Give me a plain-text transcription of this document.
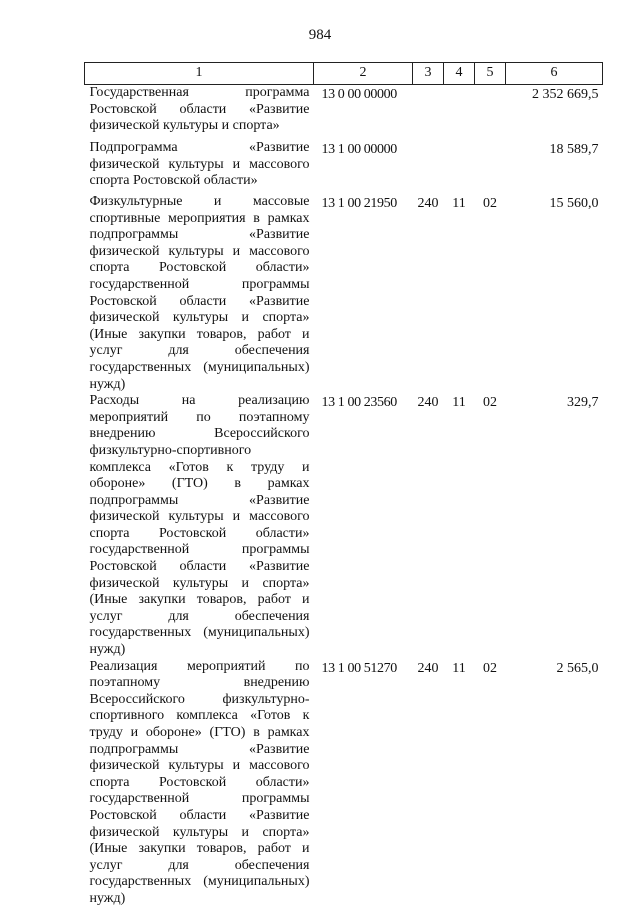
984
1	2	3	4	5	6
Государственная программа Ростовской области «Развитие физической культуры и спорта»	13 0 00 00000				2 352 669,5
Подпрограмма «Развитие физической культуры и массового спорта Ростовской области»	13 1 00 00000				18 589,7
Физкультурные и массовые спортивные мероприятия в рамках подпрограммы «Развитие физической культуры и массового спорта Ростовской области» государственной программы Ростовской области «Развитие физической культуры и спорта» (Иные закупки товаров, работ и услуг для обеспечения государственных (муниципальных) нужд)	13 1 00 21950	240	11	02	15 560,0
Расходы на реализацию мероприятий по поэтапному внедрению Всероссийского физкультурно-спортивного комплекса «Готов к труду и обороне» (ГТО) в рамках подпрограммы «Развитие физической культуры и массового спорта Ростовской области» государственной программы Ростовской области «Развитие физической культуры и спорта» (Иные закупки товаров, работ и услуг для обеспечения государственных (муниципальных) нужд)	13 1 00 23560	240	11	02	329,7
Реализация мероприятий по поэтапному внедрению Всероссийского физкультурно-спортивного комплекса «Готов к труду и обороне» (ГТО) в рамках подпрограммы «Развитие физической культуры и массового спорта Ростовской области» государственной программы Ростовской области «Развитие физической культуры и спорта» (Иные закупки товаров, работ и услуг для обеспечения государственных (муниципальных) нужд)	13 1 00 51270	240	11	02	2 565,0
